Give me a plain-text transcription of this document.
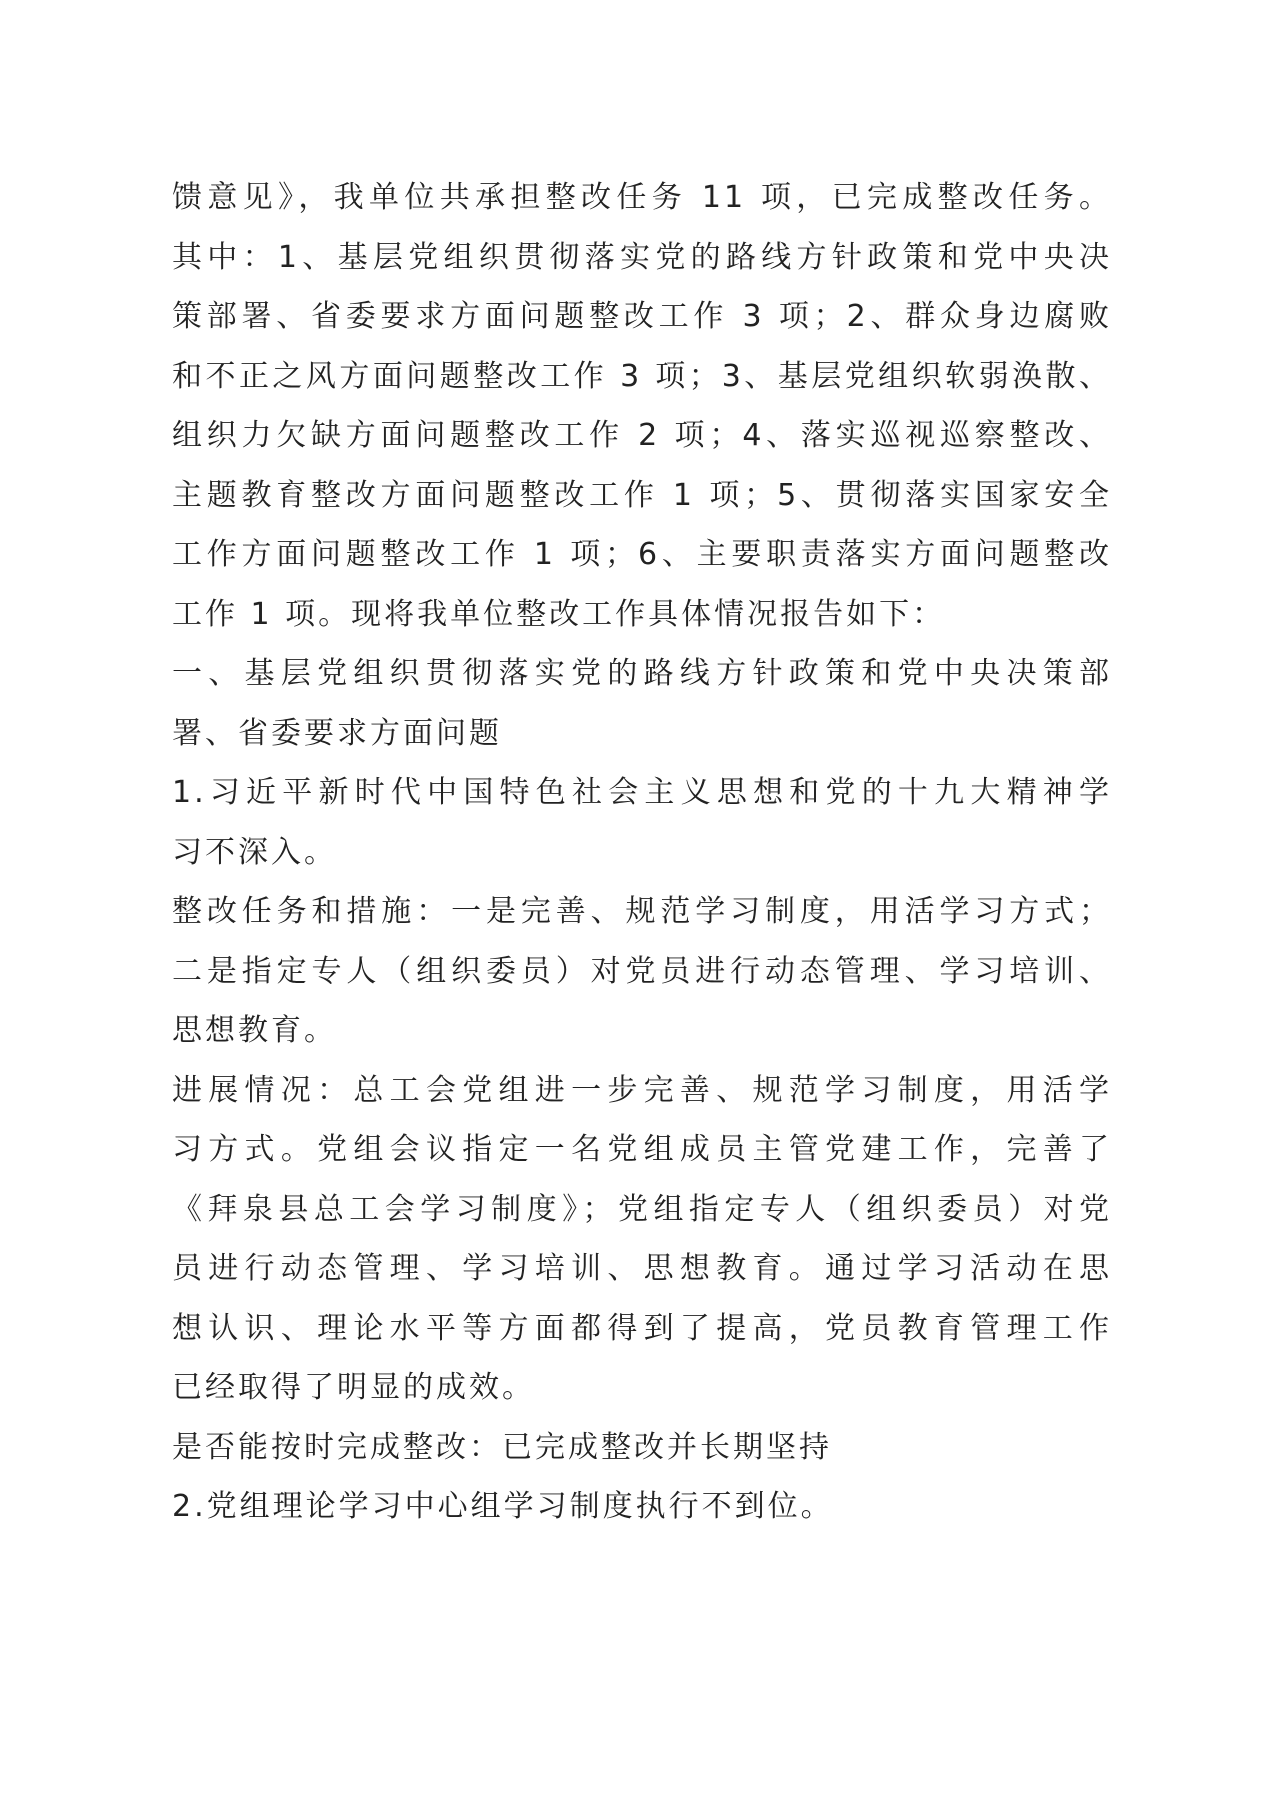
馈意见》，我单位共承担整改任务 11 项，已完成整改任务。
其中：1、基层党组织贯彻落实党的路线方针政策和党中央决
策部署、省委要求方面问题整改工作 3 项；2、群众身边腐败
和不正之风方面问题整改工作 3 项；3、基层党组织软弱涣散、
组织力欠缺方面问题整改工作 2 项；4、落实巡视巡察整改、
主题教育整改方面问题整改工作 1 项；5、贯彻落实国家安全
工作方面问题整改工作 1 项；6、主要职责落实方面问题整改
工作 1 项。现将我单位整改工作具体情况报告如下：
一、基层党组织贯彻落实党的路线方针政策和党中央决策部
署、省委要求方面问题
1.习近平新时代中国特色社会主义思想和党的十九大精神学
习不深入。
整改任务和措施：一是完善、规范学习制度，用活学习方式；
二是指定专人（组织委员）对党员进行动态管理、学习培训、
思想教育。
进展情况：总工会党组进一步完善、规范学习制度，用活学
习方式。党组会议指定一名党组成员主管党建工作，完善了
《拜泉县总工会学习制度》；党组指定专人（组织委员）对党
员进行动态管理、学习培训、思想教育。通过学习活动在思
想认识、理论水平等方面都得到了提高，党员教育管理工作
已经取得了明显的成效。
是否能按时完成整改：已完成整改并长期坚持
2.党组理论学习中心组学习制度执行不到位。
